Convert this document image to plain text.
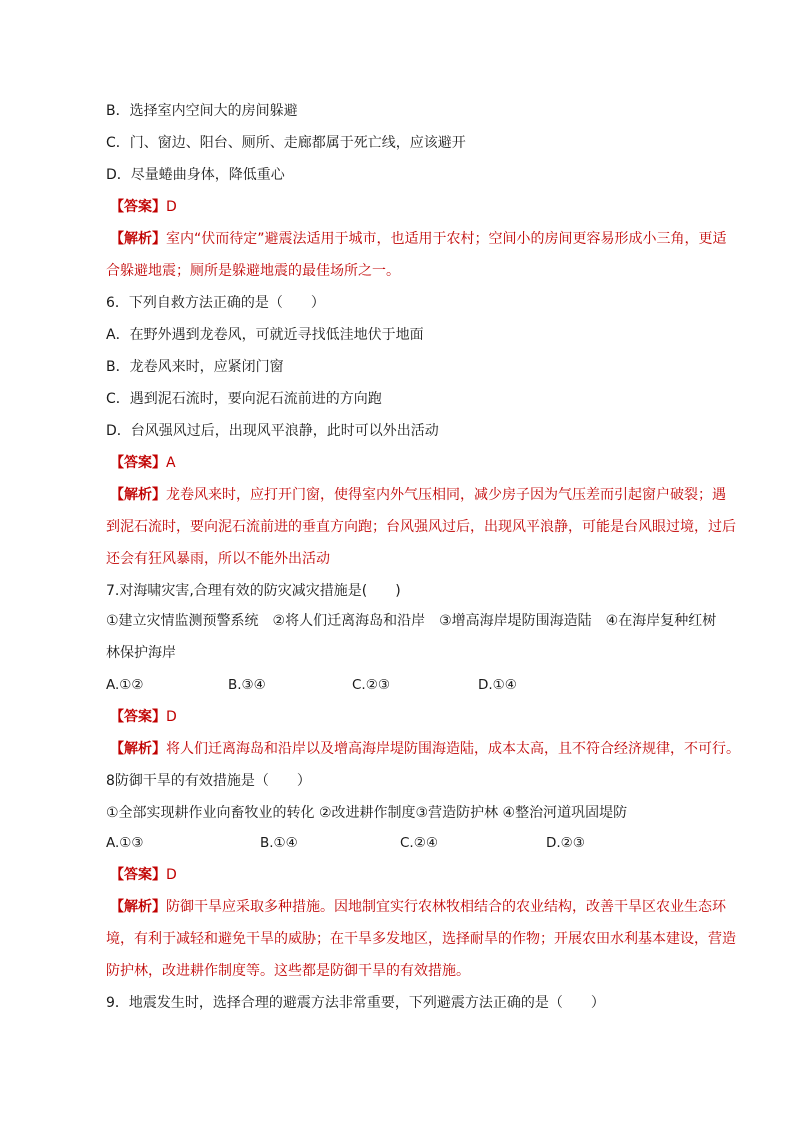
B．选择室内空间大的房间躲避
C．门、窗边、阳台、厕所、走廊都属于死亡线，应该避开
D．尽量蜷曲身体，降低重心
【答案】D
【解析】室内“伏而待定”避震法适用于城市，也适用于农村；空间小的房间更容易形成小三角，更适
合躲避地震；厕所是躲避地震的最佳场所之一。
6．下列自救方法正确的是（　　）
A．在野外遇到龙卷风，可就近寻找低洼地伏于地面
B．龙卷风来时，应紧闭门窗
C．遇到泥石流时，要向泥石流前进的方向跑
D．台风强风过后，出现风平浪静，此时可以外出活动
【答案】A
【解析】龙卷风来时，应打开门窗，使得室内外气压相同，减少房子因为气压差而引起窗户破裂；遇
到泥石流时，要向泥石流前进的垂直方向跑；台风强风过后，出现风平浪静，可能是台风眼过境，过后
还会有狂风暴雨，所以不能外出活动
7.对海啸灾害,合理有效的防灾减灾措施是(　　)
①建立灾情监测预警系统　②将人们迁离海岛和沿岸　③增高海岸堤防围海造陆　④在海岸复种红树
林保护海岸
A.①②	B.③④	C.②③	D.①④
【答案】D
【解析】将人们迁离海岛和沿岸以及增高海岸堤防围海造陆，成本太高，且不符合经济规律，不可行。
8防御干旱的有效措施是（　　）
①全部实现耕作业向畜牧业的转化 ②改进耕作制度③营造防护林 ④整治河道巩固堤防
A.①③	B.①④	C.②④	D.②③
【答案】D
【解析】防御干旱应采取多种措施。因地制宜实行农林牧相结合的农业结构，改善干旱区农业生态环
境，有利于减轻和避免干旱的威胁；在干旱多发地区，选择耐旱的作物；开展农田水利基本建设，营造
防护林，改进耕作制度等。这些都是防御干旱的有效措施。
9．地震发生时，选择合理的避震方法非常重要，下列避震方法正确的是（　　）
